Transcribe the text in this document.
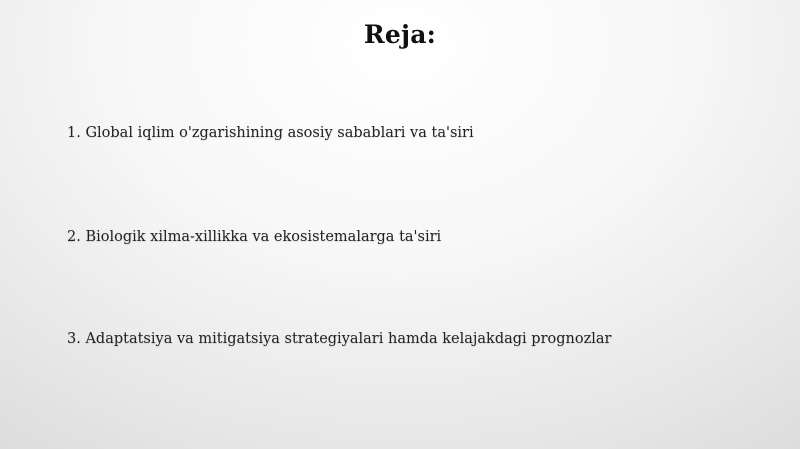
Reja:
1. Global iqlim o'zgarishining asosiy sabablari va ta'siri
2. Biologik xilma-xillikka va ekosistemalarga ta'siri
3. Adaptatsiya va mitigatsiya strategiyalari hamda kelajakdagi prognozlar
